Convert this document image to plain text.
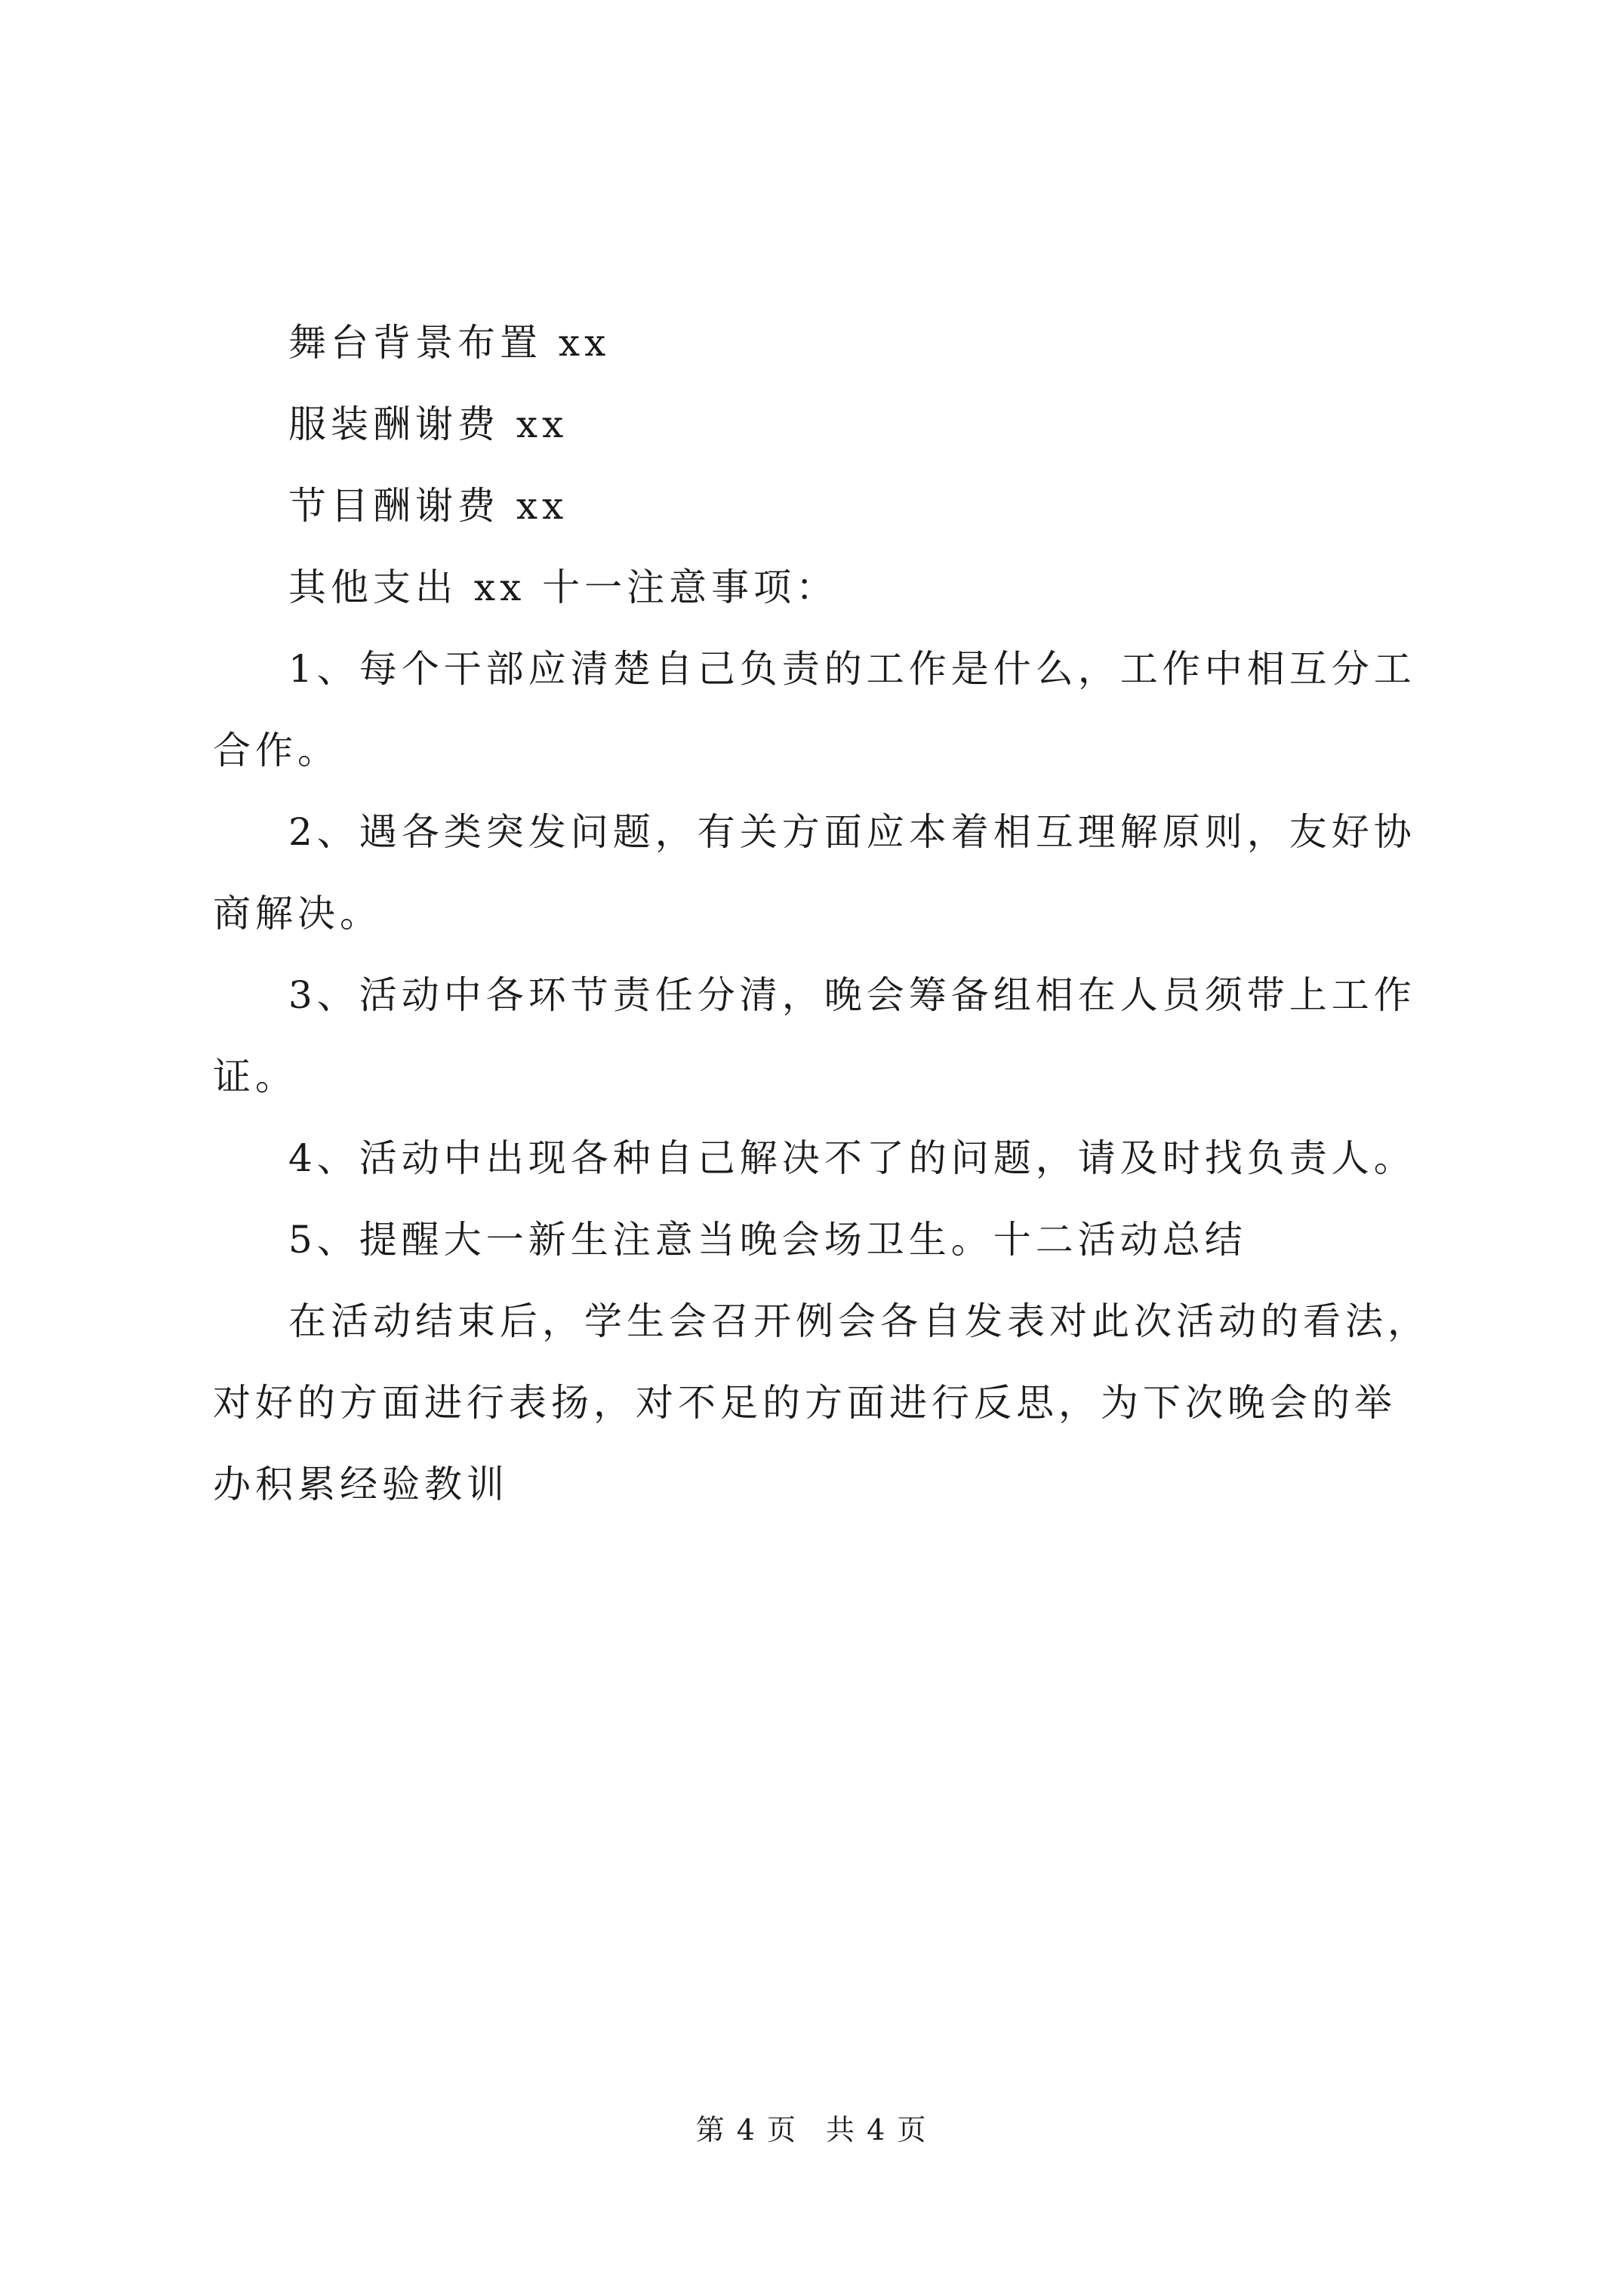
舞台背景布置 xx

服装酬谢费 xx

节目酬谢费 xx

其他支出 xx 十一注意事项：

1、每个干部应清楚自己负责的工作是什么，工作中相互分工合作。

2、遇各类突发问题，有关方面应本着相互理解原则，友好协商解决。

3、活动中各环节责任分清，晚会筹备组相在人员须带上工作证。

4、活动中出现各种自己解决不了的问题，请及时找负责人。

5、提醒大一新生注意当晚会场卫生。十二活动总结

在活动结束后，学生会召开例会各自发表对此次活动的看法，对好的方面进行表扬，对不足的方面进行反思，为下次晚会的举办积累经验教训

第 4 页 共 4 页
